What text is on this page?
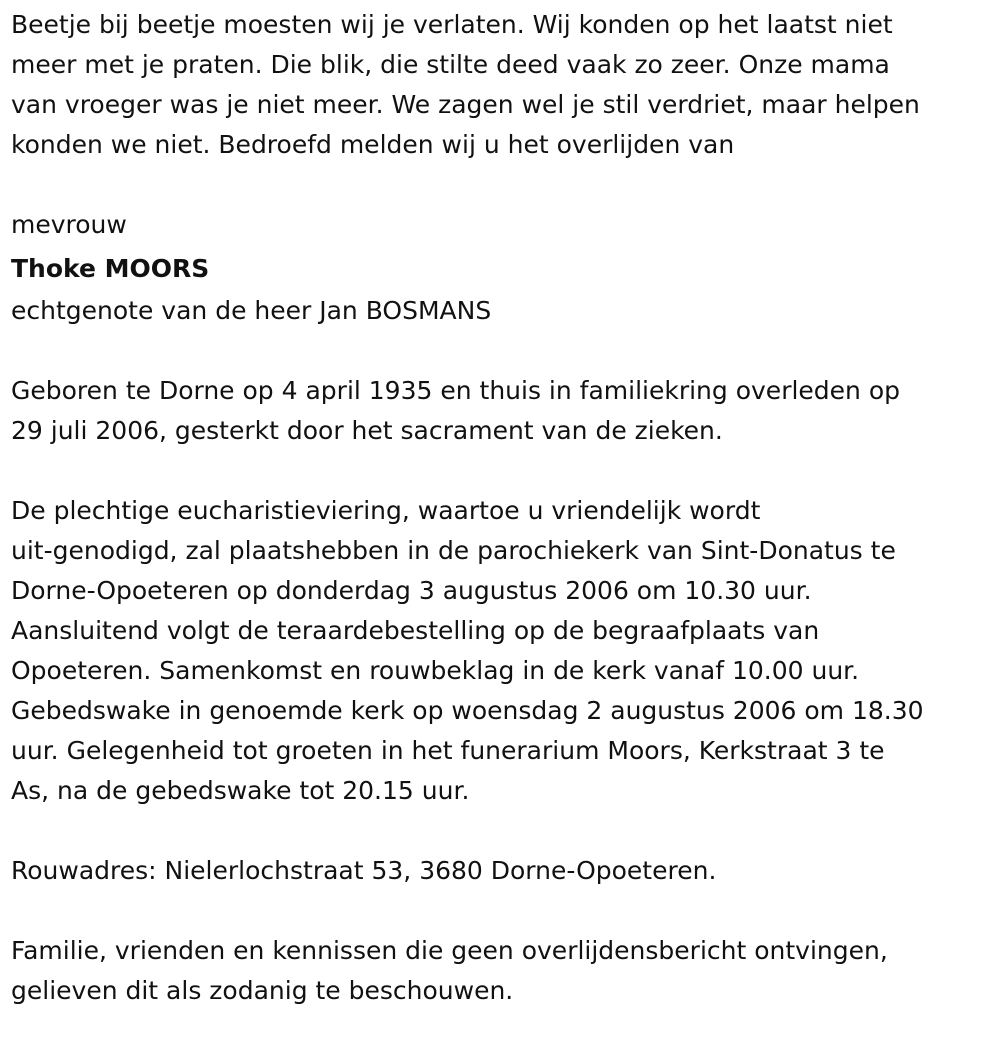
Beetje bij beetje moesten wij je verlaten. Wij konden op het laatst niet
meer met je praten. Die blik, die stilte deed vaak zo zeer. Onze mama
van vroeger was je niet meer. We zagen wel je stil verdriet, maar helpen
konden we niet. Bedroefd melden wij u het overlijden van
mevrouw
Thoke MOORS
echtgenote van de heer Jan BOSMANS
Geboren te Dorne op 4 april 1935 en thuis in familiekring overleden op
29 juli 2006, gesterkt door het sacrament van de zieken.
De plechtige eucharistieviering, waartoe u vriendelijk wordt
uit-genodigd, zal plaatshebben in de parochiekerk van Sint-Donatus te
Dorne-Opoeteren op donderdag 3 augustus 2006 om 10.30 uur.
Aansluitend volgt de teraardebestelling op de begraafplaats van
Opoeteren. Samenkomst en rouwbeklag in de kerk vanaf 10.00 uur.
Gebedswake in genoemde kerk op woensdag 2 augustus 2006 om 18.30
uur. Gelegenheid tot groeten in het funerarium Moors, Kerkstraat 3 te
As, na de gebedswake tot 20.15 uur.
Rouwadres: Nielerlochstraat 53, 3680 Dorne-Opoeteren.
Familie, vrienden en kennissen die geen overlijdensbericht ontvingen,
gelieven dit als zodanig te beschouwen.
